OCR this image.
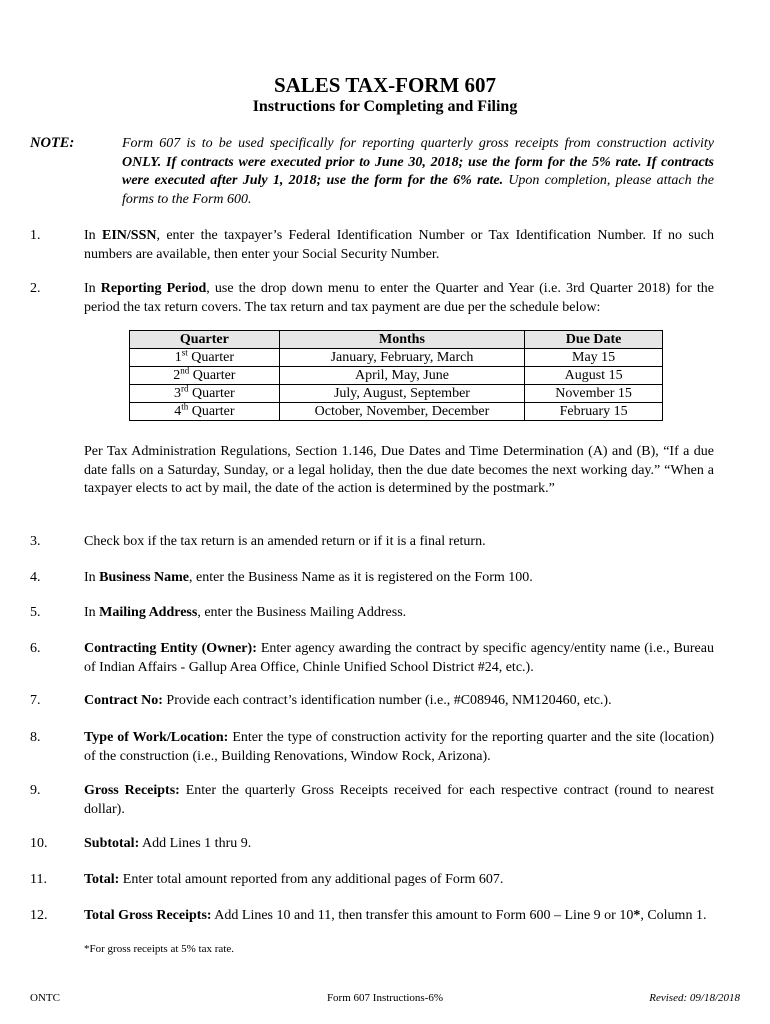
SALES TAX-FORM 607
Instructions for Completing and Filing
NOTE:	Form 607 is to be used specifically for reporting quarterly gross receipts from construction activity ONLY. If contracts were executed prior to June 30, 2018; use the form for the 5% rate. If contracts were executed after July 1, 2018; use the form for the 6% rate. Upon completion, please attach the forms to the Form 600.
1.	In EIN/SSN, enter the taxpayer’s Federal Identification Number or Tax Identification Number. If no such numbers are available, then enter your Social Security Number.
2.	In Reporting Period, use the drop down menu to enter the Quarter and Year (i.e. 3rd Quarter 2018) for the period the tax return covers. The tax return and tax payment are due per the schedule below:
Quarter	Months	Due Date
1st Quarter	January, February, March	May 15
2nd Quarter	April, May, June	August 15
3rd Quarter	July, August, September	November 15
4th Quarter	October, November, December	February 15
Per Tax Administration Regulations, Section 1.146, Due Dates and Time Determination (A) and (B), “If a due date falls on a Saturday, Sunday, or a legal holiday, then the due date becomes the next working day.” “When a taxpayer elects to act by mail, the date of the action is determined by the postmark.”
3.	Check box if the tax return is an amended return or if it is a final return.
4.	In Business Name, enter the Business Name as it is registered on the Form 100.
5.	In Mailing Address, enter the Business Mailing Address.
6.	Contracting Entity (Owner): Enter agency awarding the contract by specific agency/entity name (i.e., Bureau of Indian Affairs - Gallup Area Office, Chinle Unified School District #24, etc.).
7.	Contract No: Provide each contract’s identification number (i.e., #C08946, NM120460, etc.).
8.	Type of Work/Location: Enter the type of construction activity for the reporting quarter and the site (location) of the construction (i.e., Building Renovations, Window Rock, Arizona).
9.	Gross Receipts: Enter the quarterly Gross Receipts received for each respective contract (round to nearest dollar).
10.	Subtotal: Add Lines 1 thru 9.
11.	Total: Enter total amount reported from any additional pages of Form 607.
12.	Total Gross Receipts: Add Lines 10 and 11, then transfer this amount to Form 600 – Line 9 or 10*, Column 1.
*For gross receipts at 5% tax rate.
ONTC	Form 607 Instructions-6%	Revised: 09/18/2018
